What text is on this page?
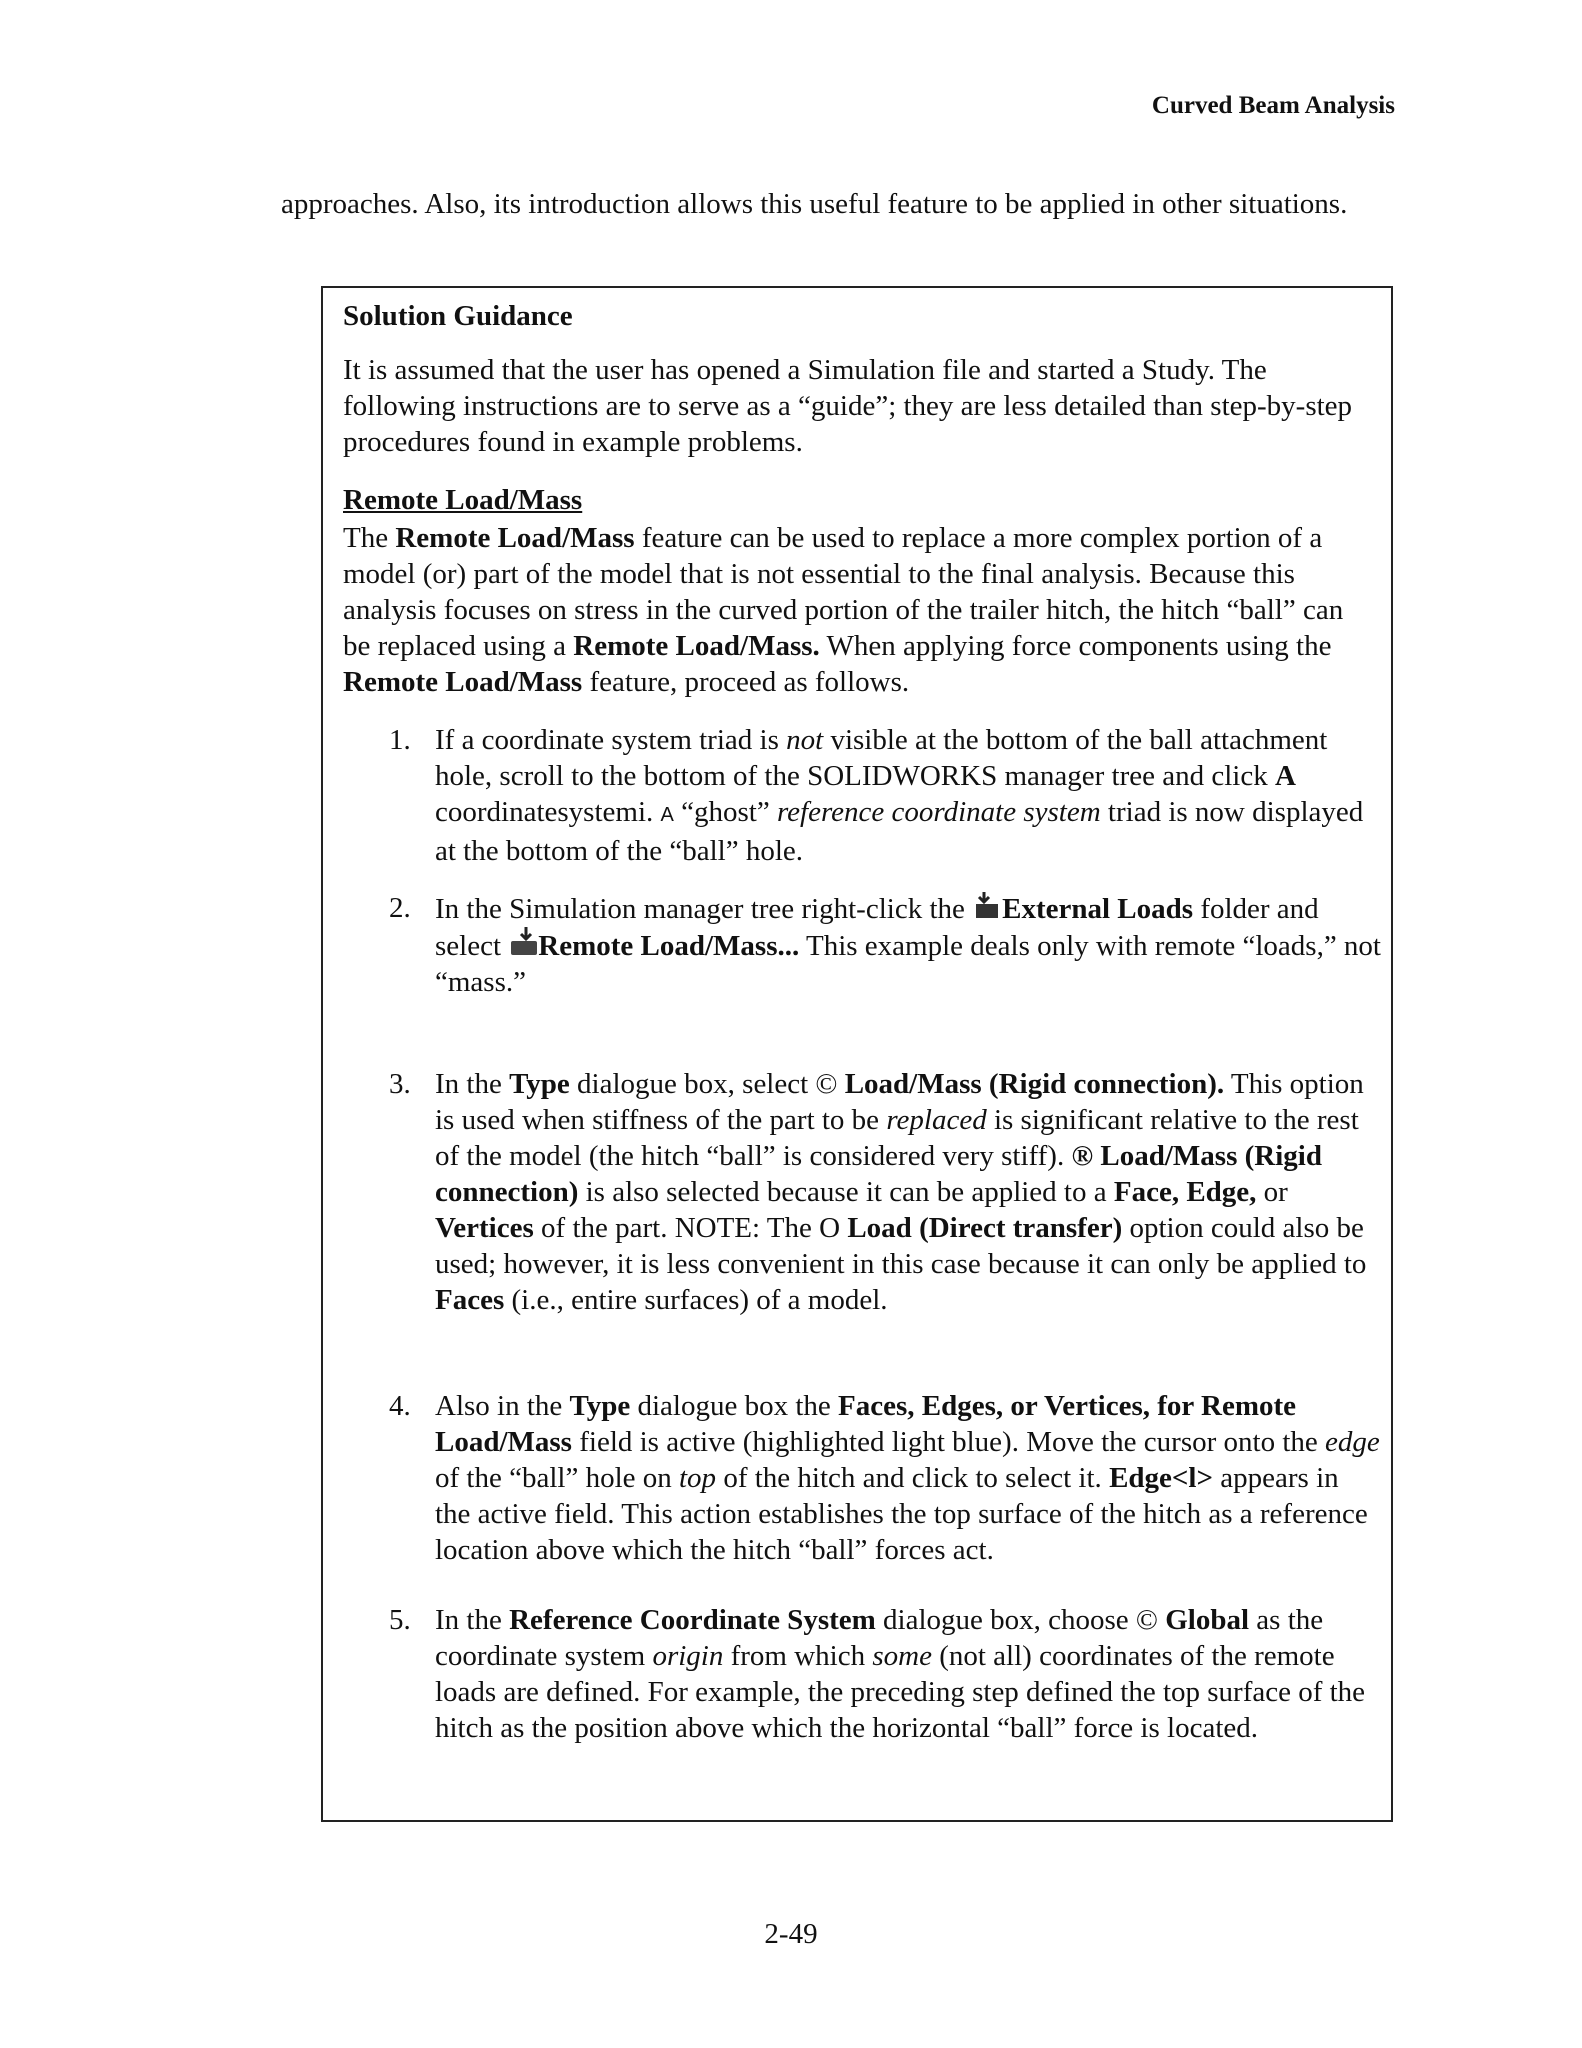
Curved Beam Analysis
approaches. Also, its introduction allows this useful feature to be applied in other situations.
Solution Guidance
It is assumed that the user has opened a Simulation file and started a Study. The following instructions are to serve as a “guide”; they are less detailed than step-by-step procedures found in example problems.
Remote Load/Mass
The Remote Load/Mass feature can be used to replace a more complex portion of a model (or) part of the model that is not essential to the final analysis. Because this analysis focuses on stress in the curved portion of the trailer hitch, the hitch “ball” can be replaced using a Remote Load/Mass. When applying force components using the Remote Load/Mass feature, proceed as follows.
1. If a coordinate system triad is not visible at the bottom of the ball attachment hole, scroll to the bottom of the SOLIDWORKS manager tree and click A coordinatesystemi. A “ghost” reference coordinate system triad is now displayed at the bottom of the “ball” hole.
2. In the Simulation manager tree right-click the External Loads folder and select Remote Load/Mass... This example deals only with remote “loads,” not “mass.”
3. In the Type dialogue box, select © Load/Mass (Rigid connection). This option is used when stiffness of the part to be replaced is significant relative to the rest of the model (the hitch “ball” is considered very stiff). ® Load/Mass (Rigid connection) is also selected because it can be applied to a Face, Edge, or Vertices of the part. NOTE: The O Load (Direct transfer) option could also be used; however, it is less convenient in this case because it can only be applied to Faces (i.e., entire surfaces) of a model.
4. Also in the Type dialogue box the Faces, Edges, or Vertices, for Remote Load/Mass field is active (highlighted light blue). Move the cursor onto the edge of the “ball” hole on top of the hitch and click to select it. Edge<l> appears in the active field. This action establishes the top surface of the hitch as a reference location above which the hitch “ball” forces act.
5. In the Reference Coordinate System dialogue box, choose © Global as the coordinate system origin from which some (not all) coordinates of the remote loads are defined. For example, the preceding step defined the top surface of the hitch as the position above which the horizontal “ball” force is located.
2-49
